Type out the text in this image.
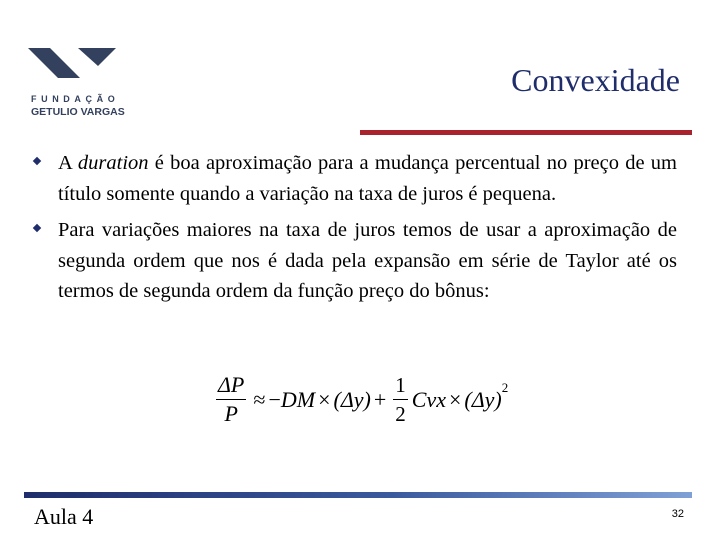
FUNDAÇÃO
GETULIO VARGAS
Convexidade
A duration é boa aproximação para a mudança percentual no preço de um título somente quando a variação na taxa de juros é pequena.
Para variações maiores na taxa de juros temos de usar a aproximação de segunda ordem que nos é dada pela expansão em série de Taylor até os termos de segunda ordem da função preço do bônus:
$\frac{\Delta P}{P}$ ≈ − DM × $(\Delta y) + \frac{1}{2}$ Cvx × (Δy) 2
Aula 4	32
